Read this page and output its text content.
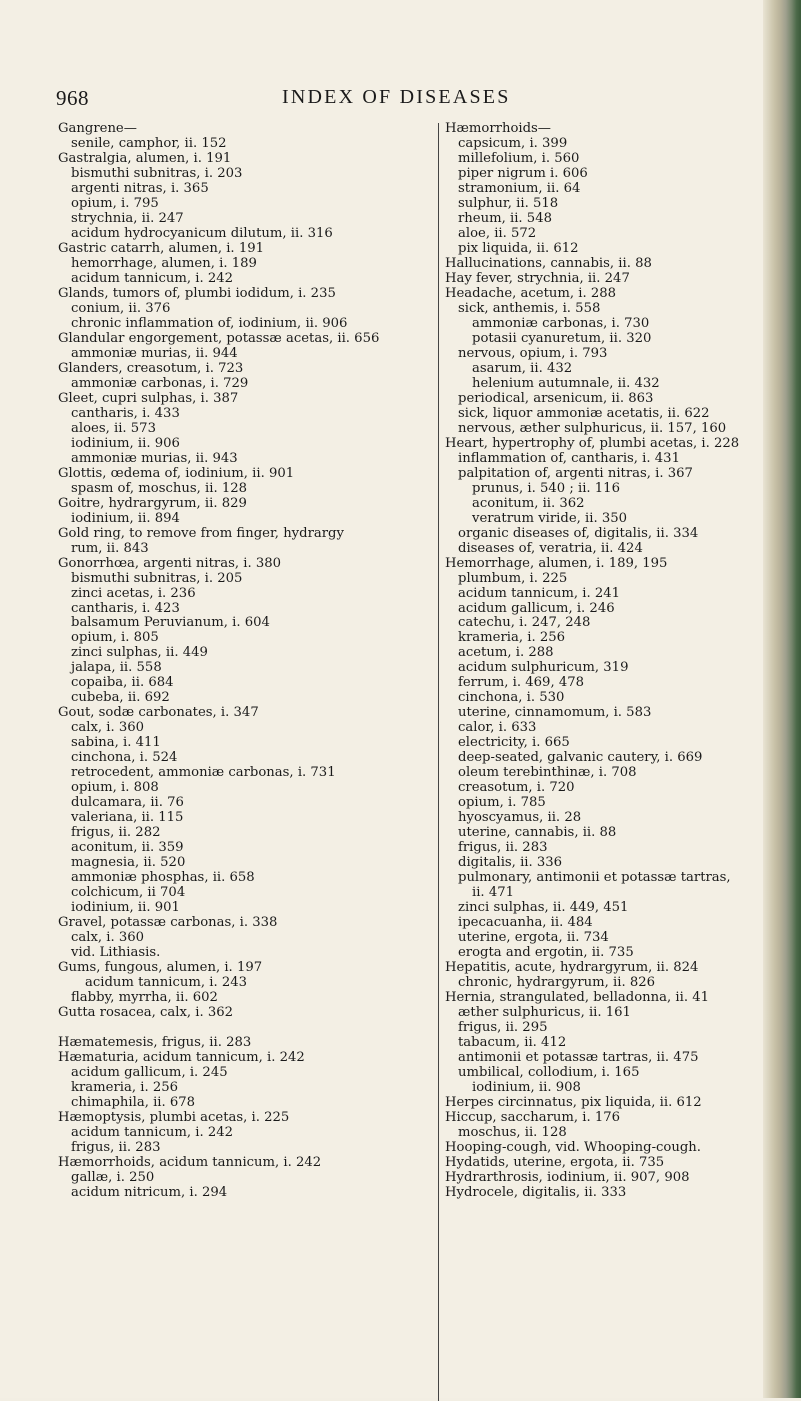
968	INDEX OF DISEASES
Gangrene—
senile, camphor, ii. 152
Gastralgia, alumen, i. 191
bismuthi subnitras, i. 203
argenti nitras, i. 365
opium, i. 795
strychnia, ii. 247
acidum hydrocyanicum dilutum, ii. 316
Gastric catarrh, alumen, i. 191
hemorrhage, alumen, i. 189
acidum tannicum, i. 242
Glands, tumors of, plumbi iodidum, i. 235
conium, ii. 376
chronic inflammation of, iodinium, ii. 906
Glandular engorgement, potassæ acetas, ii. 656
ammoniæ murias, ii. 944
Glanders, creasotum, i. 723
ammoniæ carbonas, i. 729
Gleet, cupri sulphas, i. 387
cantharis, i. 433
aloes, ii. 573
iodinium, ii. 906
ammoniæ murias, ii. 943
Glottis, œdema of, iodinium, ii. 901
spasm of, moschus, ii. 128
Goitre, hydrargyrum, ii. 829
iodinium, ii. 894
Gold ring, to remove from finger, hydrargy
rum, ii. 843
Gonorrhœa, argenti nitras, i. 380
bismuthi subnitras, i. 205
zinci acetas, i. 236
cantharis, i. 423
balsamum Peruvianum, i. 604
opium, i. 805
zinci sulphas, ii. 449
jalapa, ii. 558
copaiba, ii. 684
cubeba, ii. 692
Gout, sodæ carbonates, i. 347
calx, i. 360
sabina, i. 411
cinchona, i. 524
retrocedent, ammoniæ carbonas, i. 731
opium, i. 808
dulcamara, ii. 76
valeriana, ii. 115
frigus, ii. 282
aconitum, ii. 359
magnesia, ii. 520
ammoniæ phosphas, ii. 658
colchicum, ii 704
iodinium, ii. 901
Gravel, potassæ carbonas, i. 338
calx, i. 360
vid. Lithiasis.
Gums, fungous, alumen, i. 197
acidum tannicum, i. 243
flabby, myrrha, ii. 602
Gutta rosacea, calx, i. 362

Hæmatemesis, frigus, ii. 283
Hæmaturia, acidum tannicum, i. 242
acidum gallicum, i. 245
krameria, i. 256
chimaphila, ii. 678
Hæmoptysis, plumbi acetas, i. 225
acidum tannicum, i. 242
frigus, ii. 283
Hæmorrhoids, acidum tannicum, i. 242
gallæ, i. 250
acidum nitricum, i. 294
Hæmorrhoids—
capsicum, i. 399
millefolium, i. 560
piper nigrum i. 606
stramonium, ii. 64
sulphur, ii. 518
rheum, ii. 548
aloe, ii. 572
pix liquida, ii. 612
Hallucinations, cannabis, ii. 88
Hay fever, strychnia, ii. 247
Headache, acetum, i. 288
sick, anthemis, i. 558
ammoniæ carbonas, i. 730
potasii cyanuretum, ii. 320
nervous, opium, i. 793
asarum, ii. 432
helenium autumnale, ii. 432
periodical, arsenicum, ii. 863
sick, liquor ammoniæ acetatis, ii. 622
nervous, æther sulphuricus, ii. 157, 160
Heart, hypertrophy of, plumbi acetas, i. 228
inflammation of, cantharis, i. 431
palpitation of, argenti nitras, i. 367
prunus, i. 540 ; ii. 116
aconitum, ii. 362
veratrum viride, ii. 350
organic diseases of, digitalis, ii. 334
diseases of, veratria, ii. 424
Hemorrhage, alumen, i. 189, 195
plumbum, i. 225
acidum tannicum, i. 241
acidum gallicum, i. 246
catechu, i. 247, 248
krameria, i. 256
acetum, i. 288
acidum sulphuricum, 319
ferrum, i. 469, 478
cinchona, i. 530
uterine, cinnamomum, i. 583
calor, i. 633
electricity, i. 665
deep-seated, galvanic cautery, i. 669
oleum terebinthinæ, i. 708
creasotum, i. 720
opium, i. 785
hyoscyamus, ii. 28
uterine, cannabis, ii. 88
frigus, ii. 283
digitalis, ii. 336
pulmonary, antimonii et potassæ tartras,
ii. 471
zinci sulphas, ii. 449, 451
ipecacuanha, ii. 484
uterine, ergota, ii. 734
erogta and ergotin, ii. 735
Hepatitis, acute, hydrargyrum, ii. 824
chronic, hydrargyrum, ii. 826
Hernia, strangulated, belladonna, ii. 41
æther sulphuricus, ii. 161
frigus, ii. 295
tabacum, ii. 412
antimonii et potassæ tartras, ii. 475
umbilical, collodium, i. 165
iodinium, ii. 908
Herpes circinnatus, pix liquida, ii. 612
Hiccup, saccharum, i. 176
moschus, ii. 128
Hooping-cough, vid. Whooping-cough.
Hydatids, uterine, ergota, ii. 735
Hydrarthrosis, iodinium, ii. 907, 908
Hydrocele, digitalis, ii. 333
